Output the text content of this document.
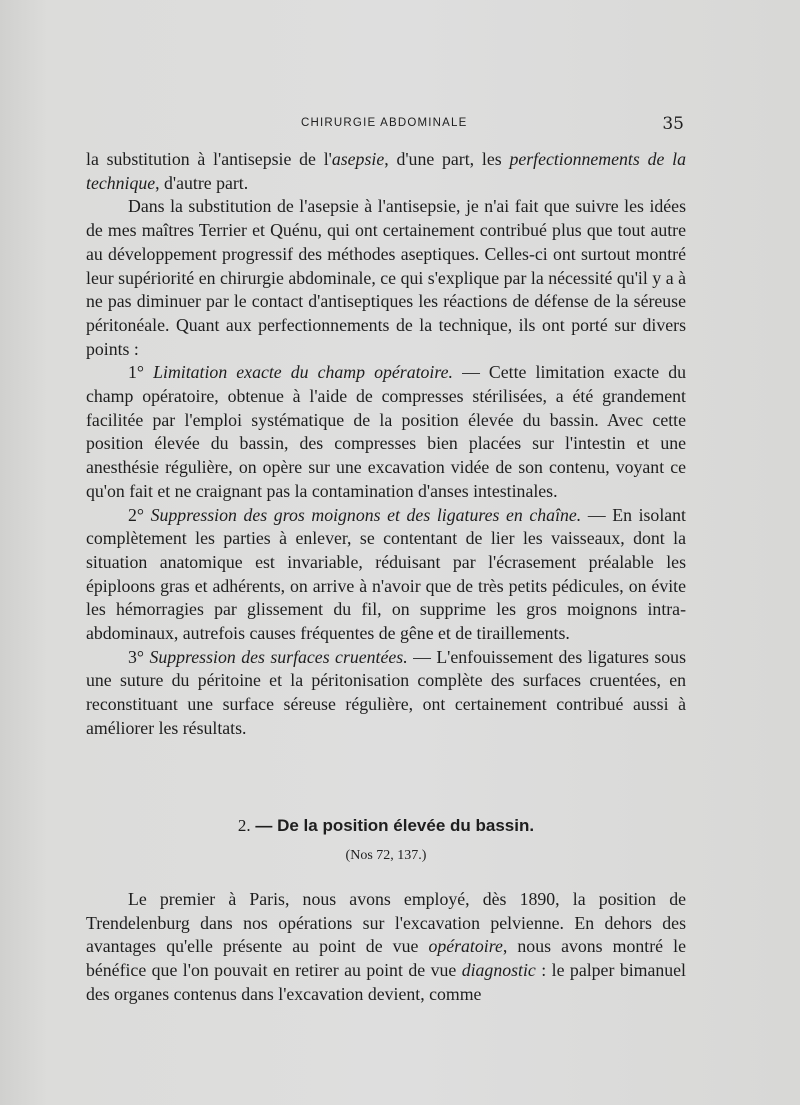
CHIRURGIE ABDOMINALE	35

la substitution à l'antisepsie de l'asepsie, d'une part, les perfectionnements de la technique, d'autre part.

Dans la substitution de l'asepsie à l'antisepsie, je n'ai fait que suivre les idées de mes maîtres Terrier et Quénu, qui ont certainement contribué plus que tout autre au développement progressif des méthodes aseptiques. Celles-ci ont surtout montré leur supériorité en chirurgie abdominale, ce qui s'explique par la nécessité qu'il y a à ne pas diminuer par le contact d'antiseptiques les réactions de défense de la séreuse péritonéale. Quant aux perfectionnements de la technique, ils ont porté sur divers points :

1° Limitation exacte du champ opératoire. — Cette limitation exacte du champ opératoire, obtenue à l'aide de compresses stérilisées, a été grandement facilitée par l'emploi systématique de la position élevée du bassin. Avec cette position élevée du bassin, des compresses bien placées sur l'intestin et une anesthésie régulière, on opère sur une excavation vidée de son contenu, voyant ce qu'on fait et ne craignant pas la contamination d'anses intestinales.

2° Suppression des gros moignons et des ligatures en chaîne. — En isolant complètement les parties à enlever, se contentant de lier les vaisseaux, dont la situation anatomique est invariable, réduisant par l'écrasement préalable les épiploons gras et adhérents, on arrive à n'avoir que de très petits pédicules, on évite les hémorragies par glissement du fil, on supprime les gros moignons intra-abdominaux, autrefois causes fréquentes de gêne et de tiraillements.

3° Suppression des surfaces cruentées. — L'enfouissement des ligatures sous une suture du péritoine et la péritonisation complète des surfaces cruentées, en reconstituant une surface séreuse régulière, ont certainement contribué aussi à améliorer les résultats.

2. — De la position élevée du bassin.
(Nos 72, 137.)

Le premier à Paris, nous avons employé, dès 1890, la position de Trendelenburg dans nos opérations sur l'excavation pelvienne. En dehors des avantages qu'elle présente au point de vue opératoire, nous avons montré le bénéfice que l'on pouvait en retirer au point de vue diagnostic : le palper bimanuel des organes contenus dans l'excavation devient, comme
